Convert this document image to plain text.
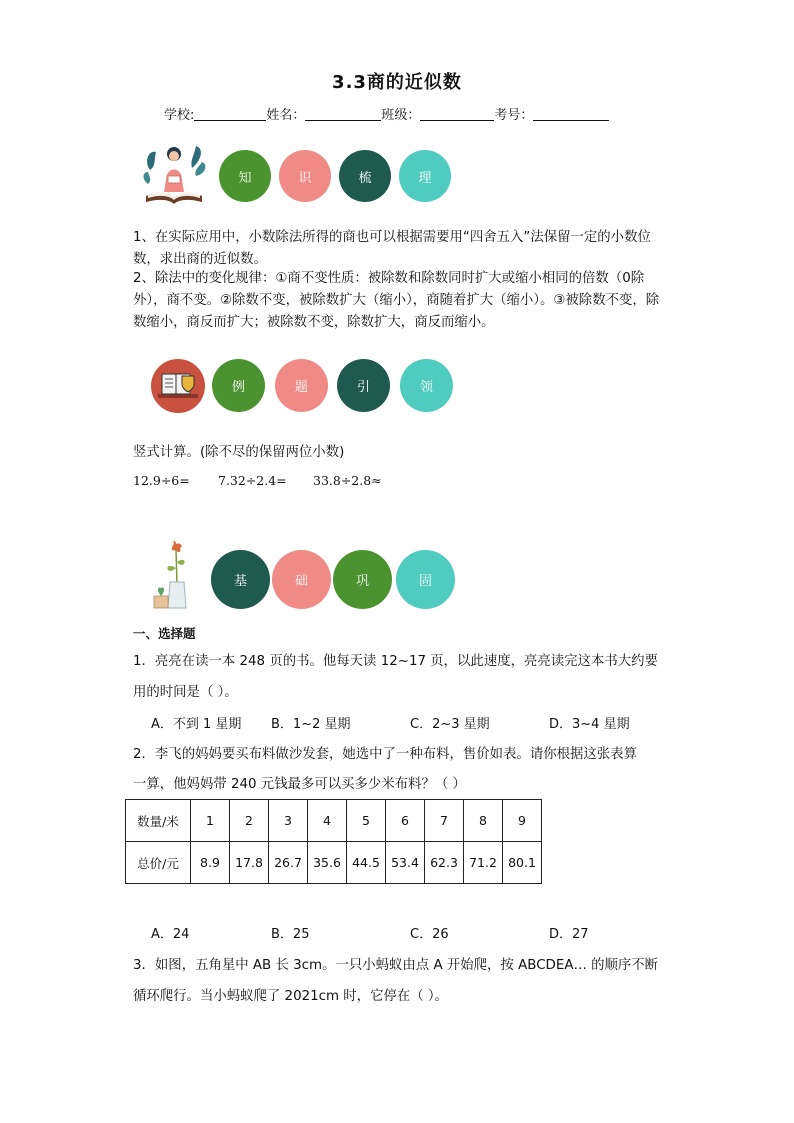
3.3商的近似数
学校:	姓名：	班级：	考号：
知	识	梳	理
1、在实际应用中，小数除法所得的商也可以根据需要用“四舍五入”法保留一定的小数位数，求出商的近似数。
2、除法中的变化规律：①商不变性质：被除数和除数同时扩大或缩小相同的倍数（0除外），商不变。②除数不变，被除数扩大（缩小），商随着扩大（缩小）。③被除数不变，除数缩小，商反而扩大；被除数不变，除数扩大，商反而缩小。
例	题	引	领
竖式计算。(除不尽的保留两位小数)
12.9÷6= 7.32÷2.4= 33.8÷2.8≈
基	础	巩	固
一、选择题
1．亮亮在读一本 248 页的书。他每天读 12~17 页，以此速度，亮亮读完这本书大约要
用的时间是（ ）。
A．不到 1 星期 B．1~2 星期	C．2~3 星期	D．3~4 星期
2．李飞的妈妈要买布料做沙发套，她选中了一种布料，售价如表。请你根据这张表算
一算，他妈妈带 240 元钱最多可以买多少米布料？（ ）
数量/米	1	2	3	4	5	6	7	8	9
总价/元	8.9	17.8	26.7	35.6	44.5	53.4	62.3	71.2	80.1
A．24	B．25	C．26	D．27
3．如图，五角星中 AB 长 3cm。一只小蚂蚁由点 A 开始爬，按 ABCDEA… 的顺序不断
循环爬行。当小蚂蚁爬了 2021cm 时，它停在（ ）。
